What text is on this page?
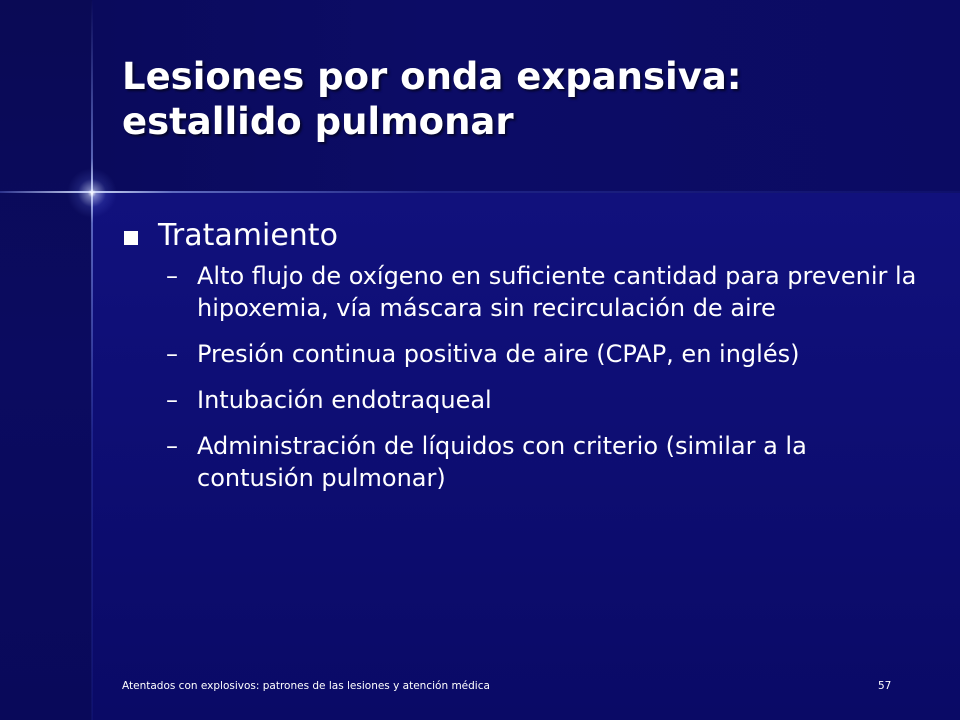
Lesiones por onda expansiva:
estallido pulmonar
Tratamiento
– Alto flujo de oxígeno en suficiente cantidad para prevenir la hipoxemia, vía máscara sin recirculación de aire
– Presión continua positiva de aire (CPAP, en inglés)
– Intubación endotraqueal
– Administración de líquidos con criterio (similar a la contusión pulmonar)
Atentados con explosivos: patrones de las lesiones y atención médica	57
